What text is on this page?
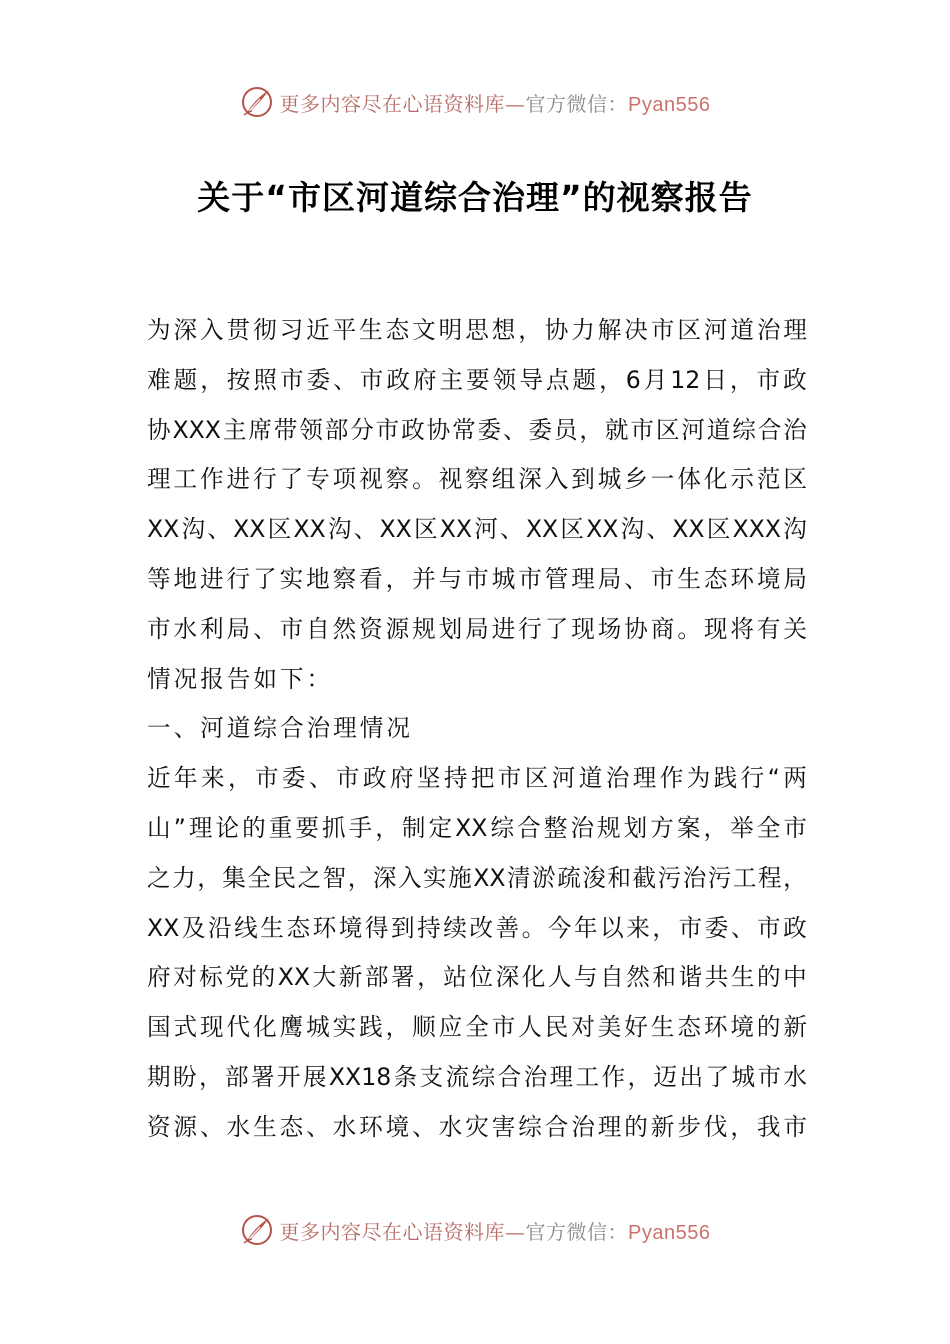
更多内容尽在心语资料库—官方微信：Pyan556
关于“市区河道综合治理”的视察报告
为 深 入 贯 彻 习 近 平 生 态 文 明 思 想 ， 协 力 解 决 市 区 河 道 治 理
难 题 ， 按 照 市 委 、 市 政 府 主 要 领 导 点 题 ， 6 月 12 日 ， 市 政
协 XXX 主 席 带 领 部 分 市 政 协 常 委 、 委 员 ， 就 市 区 河 道 综 合 治
理 工 作 进 行 了 专 项 视 察 。 视 察 组 深 入 到 城 乡 一 体 化 示 范 区
XX 沟 、 XX 区 XX 沟 、 XX 区 XX 河 、 XX 区 XX 沟 、 XX 区 XXX 沟
等 地 进 行 了 实 地 察 看 ， 并 与 市 城 市 管 理 局 、 市 生 态 环 境 局
市 水 利 局 、 市 自 然 资 源 规 划 局 进 行 了 现 场 协 商 。 现 将 有 关
情况报告如下：
一、河道综合治理情况
近 年 来 ， 市 委 、 市 政 府 坚 持 把 市 区 河 道 治 理 作 为 践 行 “ 两
山 ” 理 论 的 重 要 抓 手 ， 制 定 XX 综 合 整 治 规 划 方 案 ， 举 全 市
之 力 ， 集 全 民 之 智 ， 深 入 实 施 XX 清 淤 疏 浚 和 截 污 治 污 工 程 ，
XX 及 沿 线 生 态 环 境 得 到 持 续 改 善 。 今 年 以 来 ， 市 委 、 市 政
府 对 标 党 的 XX 大 新 部 署 ， 站 位 深 化 人 与 自 然 和 谐 共 生 的 中
国 式 现 代 化 鹰 城 实 践 ， 顺 应 全 市 人 民 对 美 好 生 态 环 境 的 新
期 盼 ， 部 署 开 展 XX18 条 支 流 综 合 治 理 工 作 ， 迈 出 了 城 市 水
资 源 、 水 生 态 、 水 环 境 、 水 灾 害 综 合 治 理 的 新 步 伐 ， 我 市
更多内容尽在心语资料库—官方微信：Pyan556
